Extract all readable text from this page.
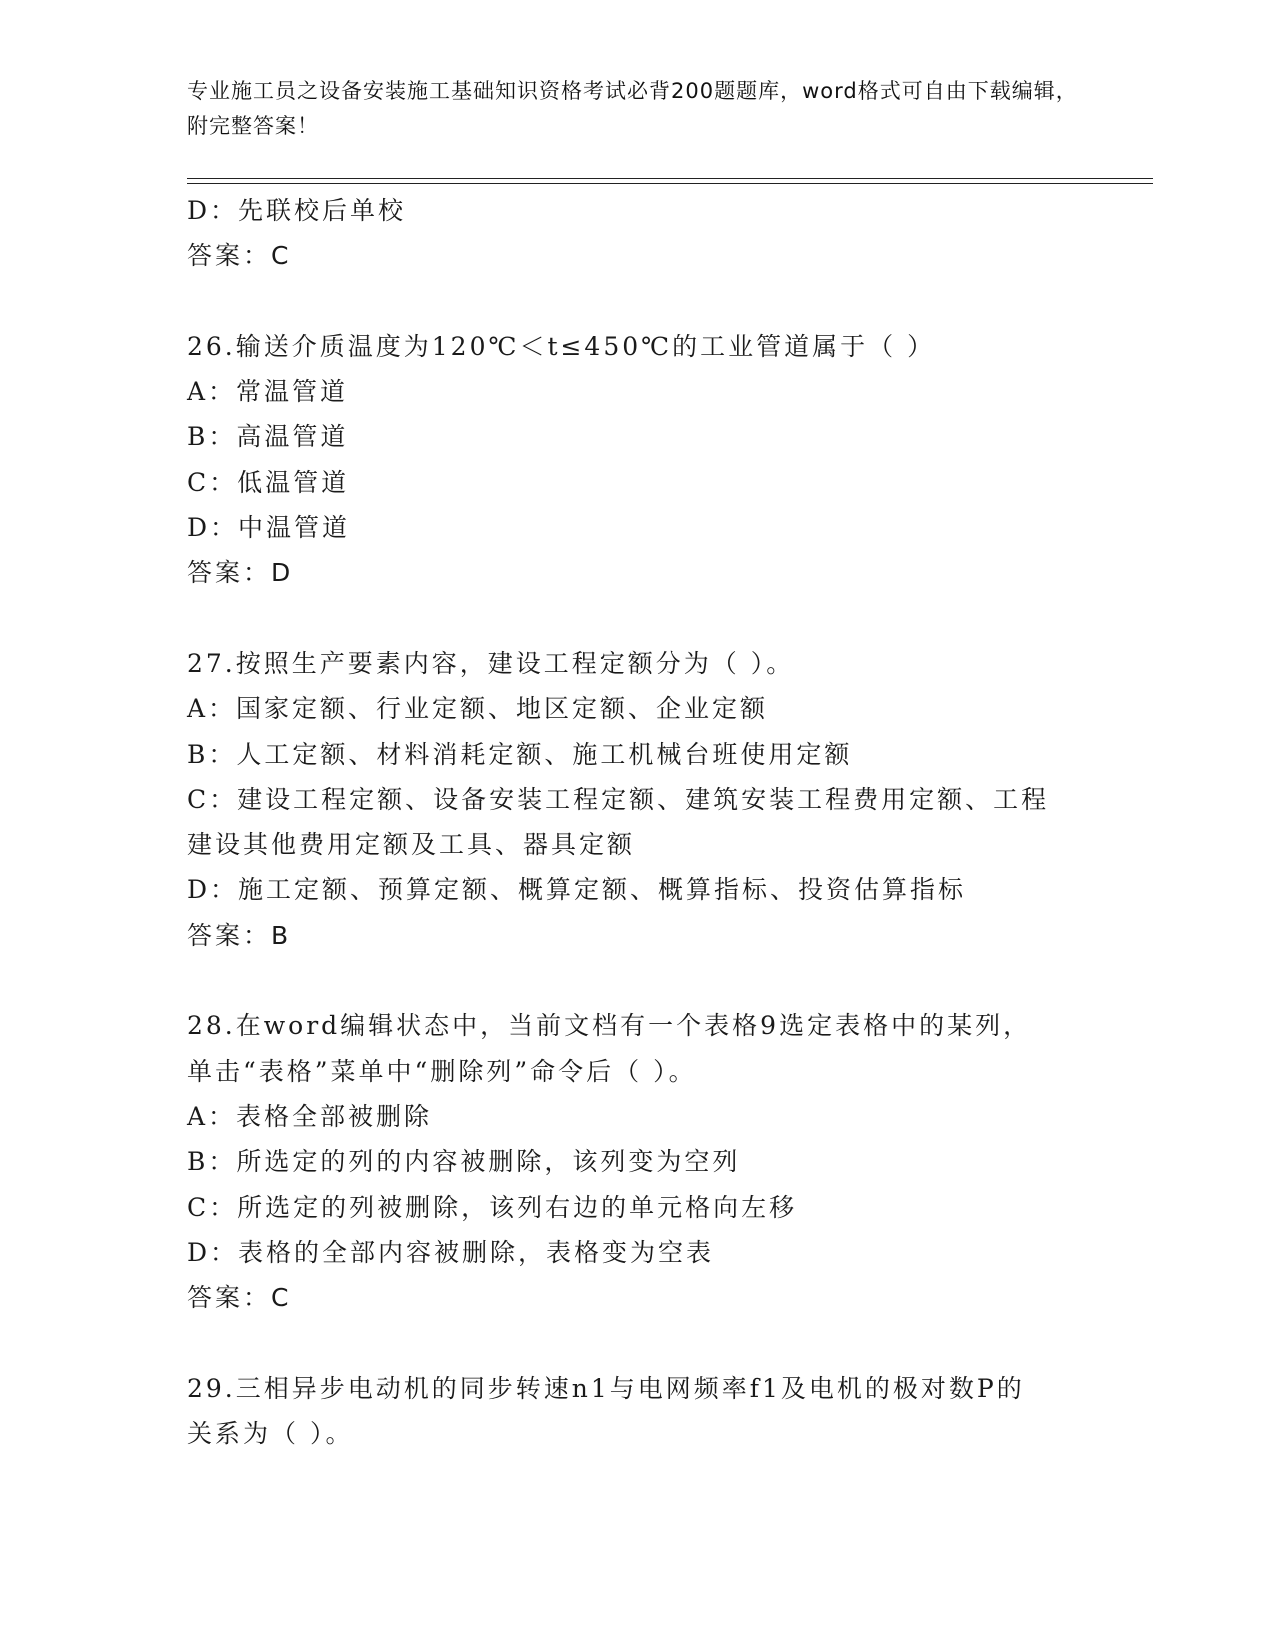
专业施工员之设备安装施工基础知识资格考试必背200题题库，word格式可自由下载编辑，附完整答案！
D：先联校后单校
答案：C
26.输送介质温度为120℃＜t≤450℃的工业管道属于（ ）
A：常温管道
B：高温管道
C：低温管道
D：中温管道
答案：D
27.按照生产要素内容，建设工程定额分为（ ）。
A：国家定额、行业定额、地区定额、企业定额
B：人工定额、材料消耗定额、施工机械台班使用定额
C：建设工程定额、设备安装工程定额、建筑安装工程费用定额、工程
建设其他费用定额及工具、器具定额
D：施工定额、预算定额、概算定额、概算指标、投资估算指标
答案：B
28.在word编辑状态中，当前文档有一个表格9选定表格中的某列，
单击“表格”菜单中“删除列”命令后（ ）。
A：表格全部被删除
B：所选定的列的内容被删除，该列变为空列
C：所选定的列被删除，该列右边的单元格向左移
D：表格的全部内容被删除，表格变为空表
答案：C
29.三相异步电动机的同步转速n1与电网频率f1及电机的极对数P的
关系为（ ）。
